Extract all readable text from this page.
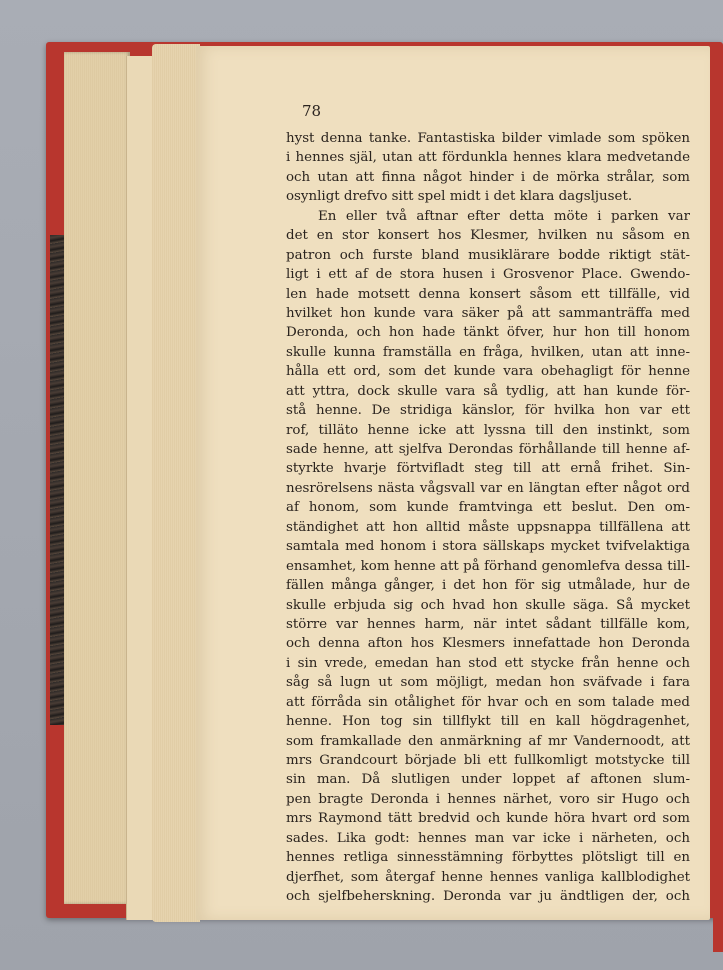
78

hyst denna tanke. Fantastiska bilder vimlade som spöken
i hennes själ, utan att fördunkla hennes klara medvetande
och utan att finna något hinder i de mörka strålar, som
osynligt drefvo sitt spel midt i det klara dagsljuset.
En eller två aftnar efter detta möte i parken var
det en stor konsert hos Klesmer, hvilken nu såsom en
patron och furste bland musiklärare bodde riktigt stät-
ligt i ett af de stora husen i Grosvenor Place. Gwendo-
len hade motsett denna konsert såsom ett tillfälle, vid
hvilket hon kunde vara säker på att sammanträffa med
Deronda, och hon hade tänkt öfver, hur hon till honom
skulle kunna framställa en fråga, hvilken, utan att inne-
hålla ett ord, som det kunde vara obehagligt för henne
att yttra, dock skulle vara så tydlig, att han kunde för-
stå henne. De stridiga känslor, för hvilka hon var ett
rof, tilläto henne icke att lyssna till den instinkt, som
sade henne, att sjelfva Derondas förhållande till henne af-
styrkte hvarje förtvifladt steg till att ernå frihet. Sin-
nesrörelsens nästa vågsvall var en längtan efter något ord
af honom, som kunde framtvinga ett beslut. Den om-
ständighet att hon alltid måste uppsnappa tillfällena att
samtala med honom i stora sällskaps mycket tvifvelaktiga
ensamhet, kom henne att på förhand genomlefva dessa till-
fällen många gånger, i det hon för sig utmålade, hur de
skulle erbjuda sig och hvad hon skulle säga. Så mycket
större var hennes harm, när intet sådant tillfälle kom,
och denna afton hos Klesmers innefattade hon Deronda
i sin vrede, emedan han stod ett stycke från henne och
såg så lugn ut som möjligt, medan hon sväfvade i fara
att förråda sin otålighet för hvar och en som talade med
henne. Hon tog sin tillflykt till en kall högdragenhet,
som framkallade den anmärkning af mr Vandernoodt, att
mrs Grandcourt började bli ett fullkomligt motstycke till
sin man. Då slutligen under loppet af aftonen slum-
pen bragte Deronda i hennes närhet, voro sir Hugo och
mrs Raymond tätt bredvid och kunde höra hvart ord som
sades. Lika godt: hennes man var icke i närheten, och
hennes retliga sinnesstämning förbyttes plötsligt till en
djerfhet, som återgaf henne hennes vanliga kallblodighet
och sjelfbeherskning. Deronda var ju ändtligen der, och
